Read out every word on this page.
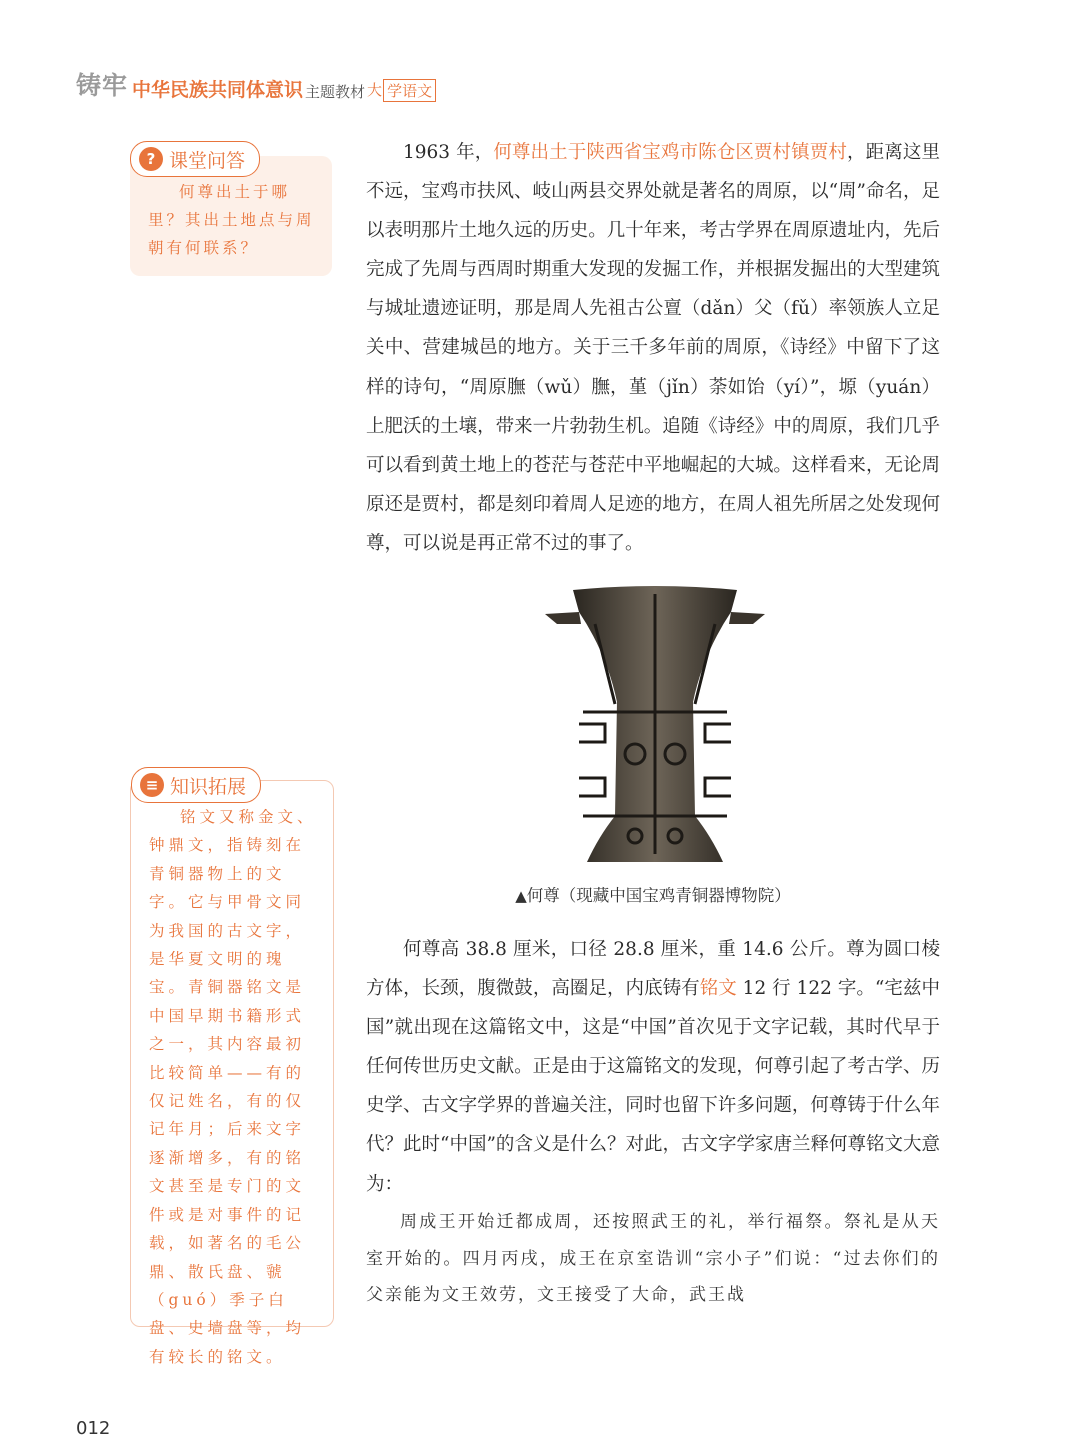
铸牢 中华民族共同体意识 主题教材 大 学语文
? 课堂问答

何尊出土于哪里？其出土地点与周朝有何联系？

≡ 知识拓展

铭文又称金文、钟鼎文，指铸刻在青铜器物上的文字。它与甲骨文同为我国的古文字，是华夏文明的瑰宝。青铜器铭文是中国早期书籍形式之一，其内容最初比较简单——有的仅记姓名，有的仅记年月；后来文字逐渐增多，有的铭文甚至是专门的文件或是对事件的记载，如著名的毛公鼎、散氏盘、虢（guó）季子白盘、史墙盘等，均有较长的铭文。

1963 年，何尊出土于陕西省宝鸡市陈仓区贾村镇贾村，距离这里不远，宝鸡市扶风、岐山两县交界处就是著名的周原，以“周”命名，足以表明那片土地久远的历史。几十年来，考古学界在周原遗址内，先后完成了先周与西周时期重大发现的发掘工作，并根据发掘出的大型建筑与城址遗迹证明，那是周人先祖古公亶（dǎn）父（fǔ）率领族人立足关中、营建城邑的地方。关于三千多年前的周原，《诗经》中留下了这样的诗句，“周原膴（wǔ）膴，堇（jǐn）荼如饴（yí）”，塬（yuán）上肥沃的土壤，带来一片勃勃生机。追随《诗经》中的周原，我们几乎可以看到黄土地上的苍茫与苍茫中平地崛起的大城。这样看来，无论周原还是贾村，都是刻印着周人足迹的地方，在周人祖先所居之处发现何尊，可以说是再正常不过的事了。

▲何尊（现藏中国宝鸡青铜器博物院）

何尊高 38.8 厘米，口径 28.8 厘米，重 14.6 公斤。尊为圆口棱方体，长颈，腹微鼓，高圈足，内底铸有铭文 12 行 122 字。“宅兹中国”就出现在这篇铭文中，这是“中国”首次见于文字记载，其时代早于任何传世历史文献。正是由于这篇铭文的发现，何尊引起了考古学、历史学、古文字学界的普遍关注，同时也留下许多问题，何尊铸于什么年代？此时“中国”的含义是什么？对此，古文字学家唐兰释何尊铭文大意为：

周成王开始迁都成周，还按照武王的礼，举行福祭。祭礼是从天室开始的。四月丙戌，成王在京室诰训“宗小子”们说：“过去你们的父亲能为文王效劳，文王接受了大命，武王战

012
